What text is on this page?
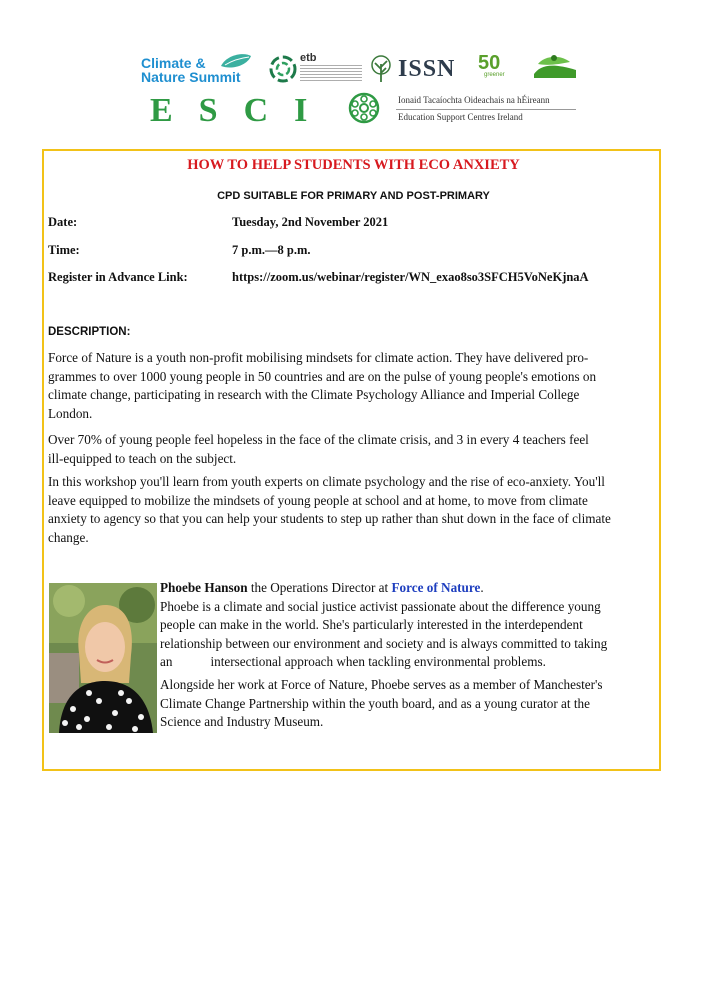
Climate &
Nature Summit
etb	ISSN 50
greener
ESCI	Ionaid Tacaíochta Oideachais na hÉireann
Education Support Centres Ireland
HOW TO HELP STUDENTS WITH ECO ANXIETY
CPD SUITABLE FOR PRIMARY AND POST-PRIMARY
Date:	Tuesday, 2nd November 2021
Time:	7 p.m.—8 p.m.
Register in Advance Link:	https://zoom.us/webinar/register/WN_exao8so3SFCH5VoNeKjnaA
DESCRIPTION:
Force of Nature is a youth non-profit mobilising mindsets for climate action. They have delivered pro-
grammes to over 1000 young people in 50 countries and are on the pulse of young people's emotions on
climate change, participating in research with the Climate Psychology Alliance and Imperial College
London.
Over 70% of young people feel hopeless in the face of the climate crisis, and 3 in every 4 teachers feel
ill-equipped to teach on the subject.
In this workshop you'll learn from youth experts on climate psychology and the rise of eco-anxiety. You'll
leave equipped to mobilize the mindsets of young people at school and at home, to move from climate
anxiety to agency so that you can help your students to step up rather than shut down in the face of climate
change.
Phoebe Hanson the Operations Director at Force of Nature.
Phoebe is a climate and social justice activist passionate about the difference young
people can make in the world. She's particularly interested in the interdependent
relationship between our environment and society and is always committed to taking
an	intersectional approach when tackling environmental problems.
Alongside her work at Force of Nature, Phoebe serves as a member of Manchester's
Climate Change Partnership within the youth board, and as a young curator at the
Science and Industry Museum.
